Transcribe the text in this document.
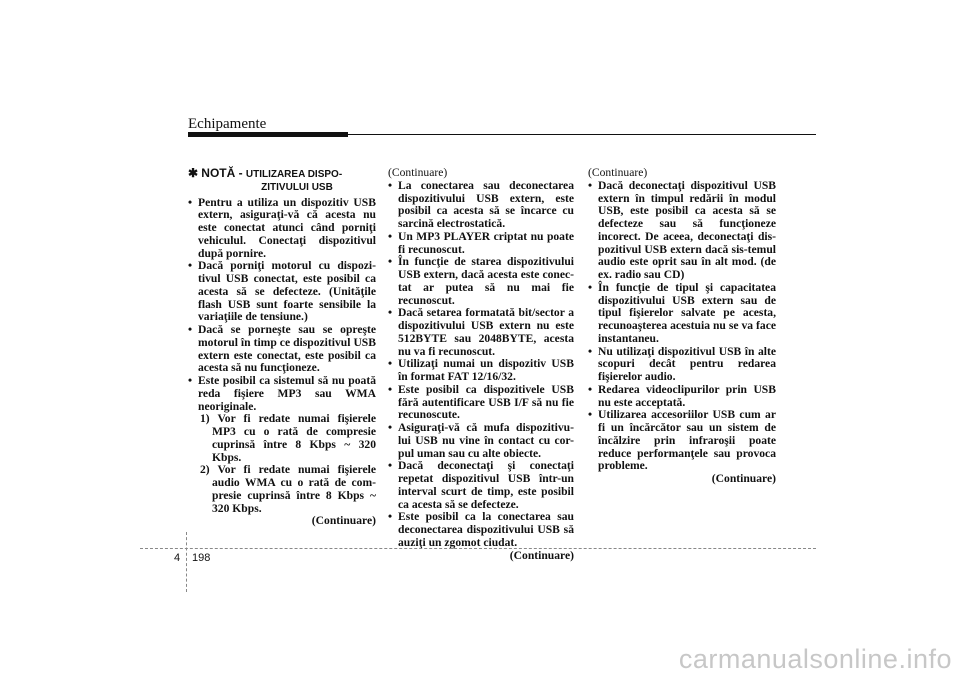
Echipamente
✱ NOTĂ - UTILIZAREA DISPO-
ZITIVULUI USB
• Pentru a utiliza un dispozitiv USB extern, asiguraţi-vă că acesta nu este conectat atunci când porniţi vehiculul. Conectaţi dispozitivul după pornire.
• Dacă porniţi motorul cu dispozi-tivul USB conectat, este posibil ca acesta să se defecteze. (Unităţile flash USB sunt foarte sensibile la variaţiile de tensiune.)
• Dacă se porneşte sau se opreşte motorul în timp ce dispozitivul USB extern este conectat, este posibil ca acesta să nu funcţioneze.
• Este posibil ca sistemul să nu poată reda fişiere MP3 sau WMA neoriginale.
1) Vor fi redate numai fişierele MP3 cu o rată de compresie cuprinsă între 8 Kbps ~ 320 Kbps.
2) Vor fi redate numai fişierele audio WMA cu o rată de com-presie cuprinsă între 8 Kbps ~ 320 Kbps.
(Continuare)
(Continuare)
• La conectarea sau deconectarea dispozitivului USB extern, este posibil ca acesta să se încarce cu sarcină electrostatică.
• Un MP3 PLAYER criptat nu poate fi recunoscut.
• În funcţie de starea dispozitivului USB extern, dacă acesta este conec-tat ar putea să nu mai fie recunoscut.
• Dacă setarea formatată bit/sector a dispozitivului USB extern nu este 512BYTE sau 2048BYTE, acesta nu va fi recunoscut.
• Utilizaţi numai un dispozitiv USB în format FAT 12/16/32.
• Este posibil ca dispozitivele USB fără autentificare USB I/F să nu fie recunoscute.
• Asiguraţi-vă că mufa dispozitivu-lui USB nu vine în contact cu cor-pul uman sau cu alte obiecte.
• Dacă deconectaţi şi conectaţi repetat dispozitivul USB într-un interval scurt de timp, este posibil ca acesta să se defecteze.
• Este posibil ca la conectarea sau deconectarea dispozitivului USB să auziţi un zgomot ciudat.
(Continuare)
(Continuare)
• Dacă deconectaţi dispozitivul USB extern în timpul redării în modul USB, este posibil ca acesta să se defecteze sau să funcţioneze incorect. De aceea, deconectaţi dis-pozitivul USB extern dacă sis-temul audio este oprit sau în alt mod. (de ex. radio sau CD)
• În funcţie de tipul şi capacitatea dispozitivului USB extern sau de tipul fişierelor salvate pe acesta, recunoaşterea acestuia nu se va face instantaneu.
• Nu utilizaţi dispozitivul USB în alte scopuri decât pentru redarea fişierelor audio.
• Redarea videoclipurilor prin USB nu este acceptată.
• Utilizarea accesoriilor USB cum ar fi un încărcător sau un sistem de încălzire prin infraroşii poate reduce performanţele sau provoca probleme.
(Continuare)
4 198
carmanualsonline.info
